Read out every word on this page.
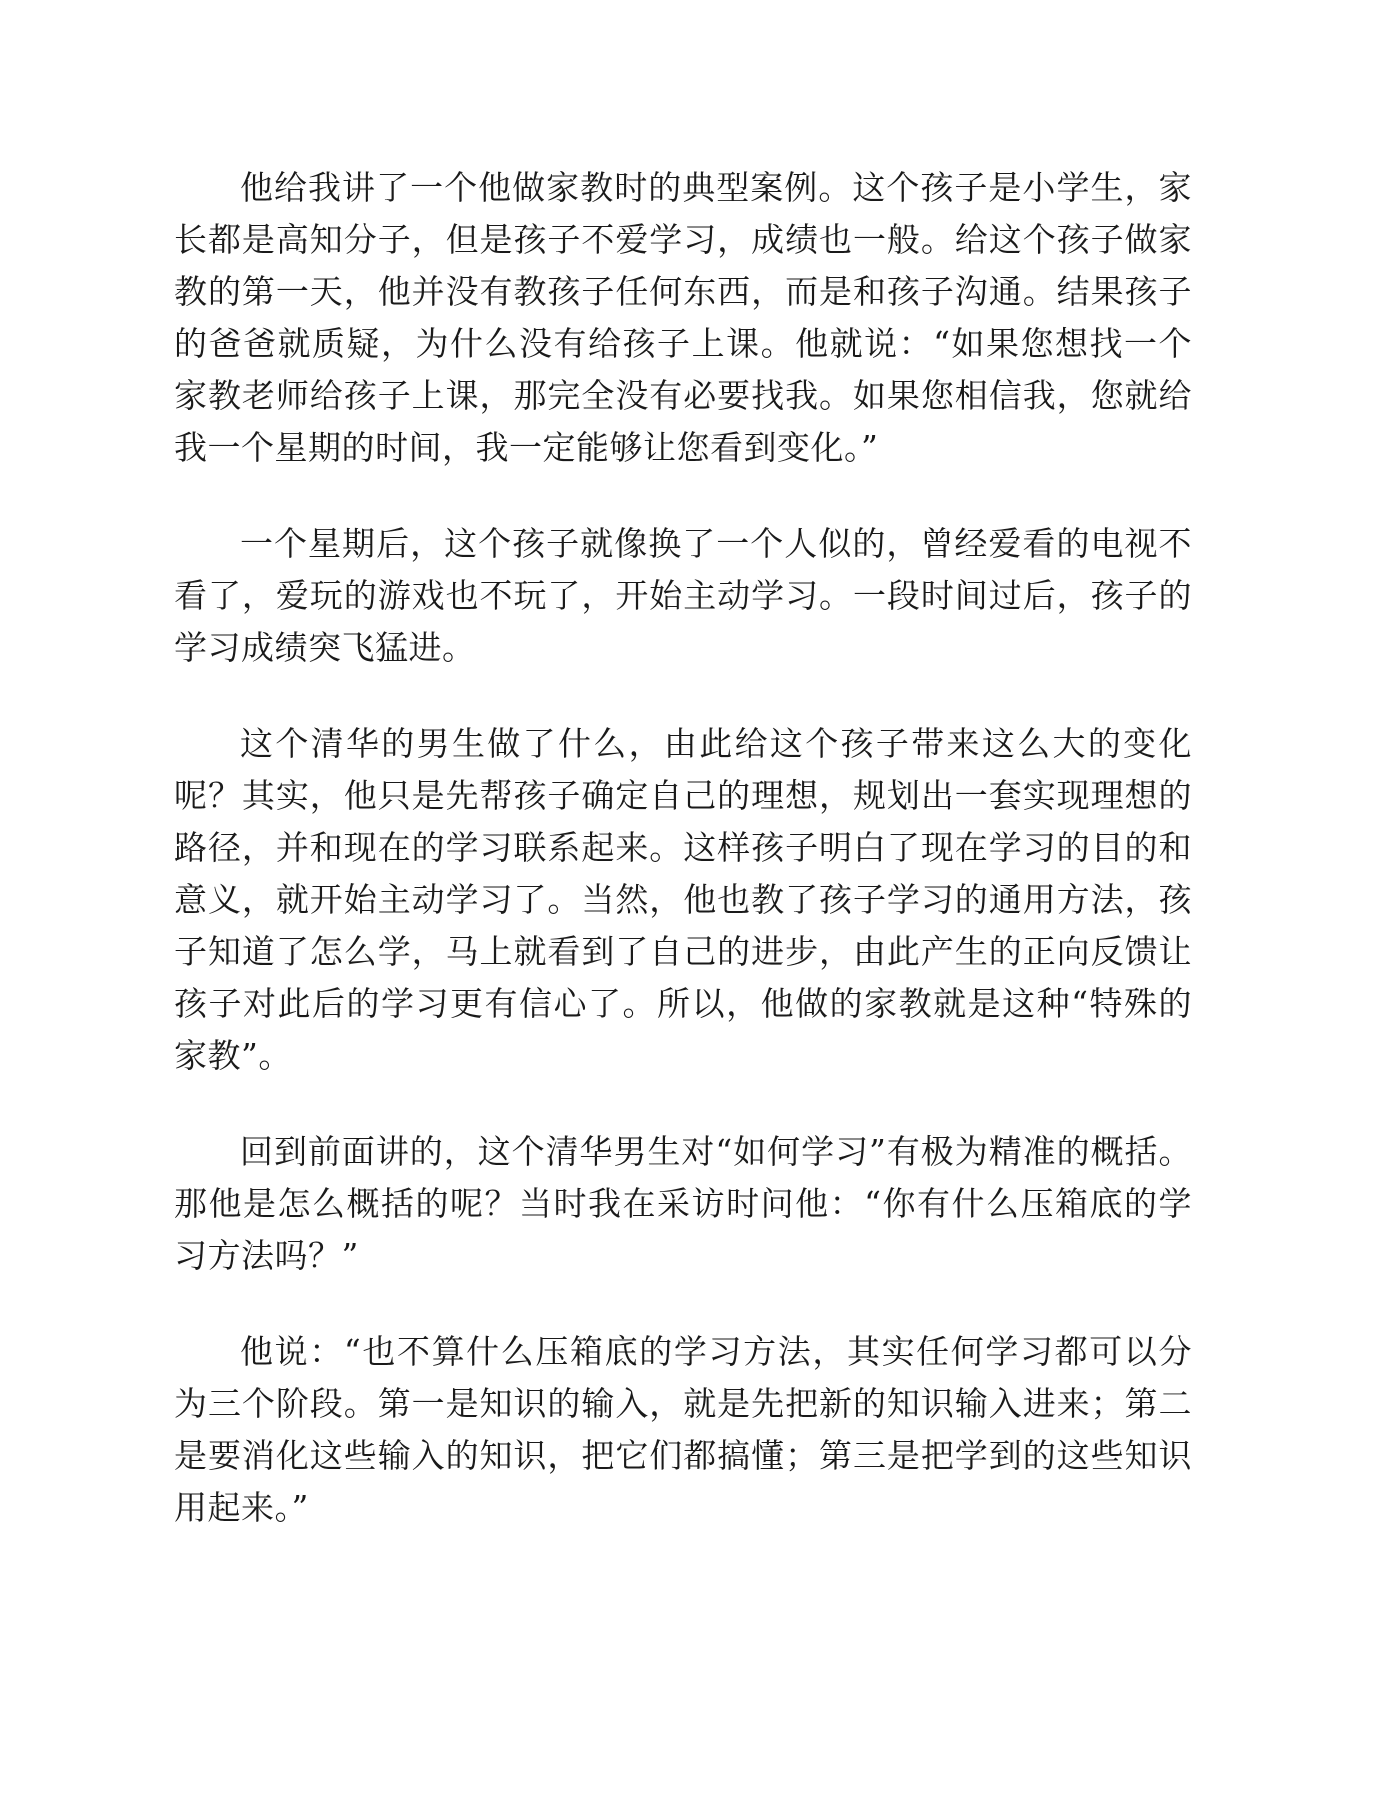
他给我讲了一个他做家教时的典型案例。这个孩子是小学生，家长都是高知分子，但是孩子不爱学习，成绩也一般。给这个孩子做家教的第一天，他并没有教孩子任何东西，而是和孩子沟通。结果孩子的爸爸就质疑，为什么没有给孩子上课。他就说：“如果您想找一个家教老师给孩子上课，那完全没有必要找我。如果您相信我，您就给我一个星期的时间，我一定能够让您看到变化。”

一个星期后，这个孩子就像换了一个人似的，曾经爱看的电视不看了，爱玩的游戏也不玩了，开始主动学习。一段时间过后，孩子的学习成绩突飞猛进。

这个清华的男生做了什么，由此给这个孩子带来这么大的变化呢？其实，他只是先帮孩子确定自己的理想，规划出一套实现理想的路径，并和现在的学习联系起来。这样孩子明白了现在学习的目的和意义，就开始主动学习了。当然，他也教了孩子学习的通用方法，孩子知道了怎么学，马上就看到了自己的进步，由此产生的正向反馈让孩子对此后的学习更有信心了。所以，他做的家教就是这种“特殊的家教”。

回到前面讲的，这个清华男生对“如何学习”有极为精准的概括。那他是怎么概括的呢？当时我在采访时问他：“你有什么压箱底的学习方法吗？”

他说：“也不算什么压箱底的学习方法，其实任何学习都可以分为三个阶段。第一是知识的输入，就是先把新的知识输入进来；第二是要消化这些输入的知识，把它们都搞懂；第三是把学到的这些知识用起来。”
